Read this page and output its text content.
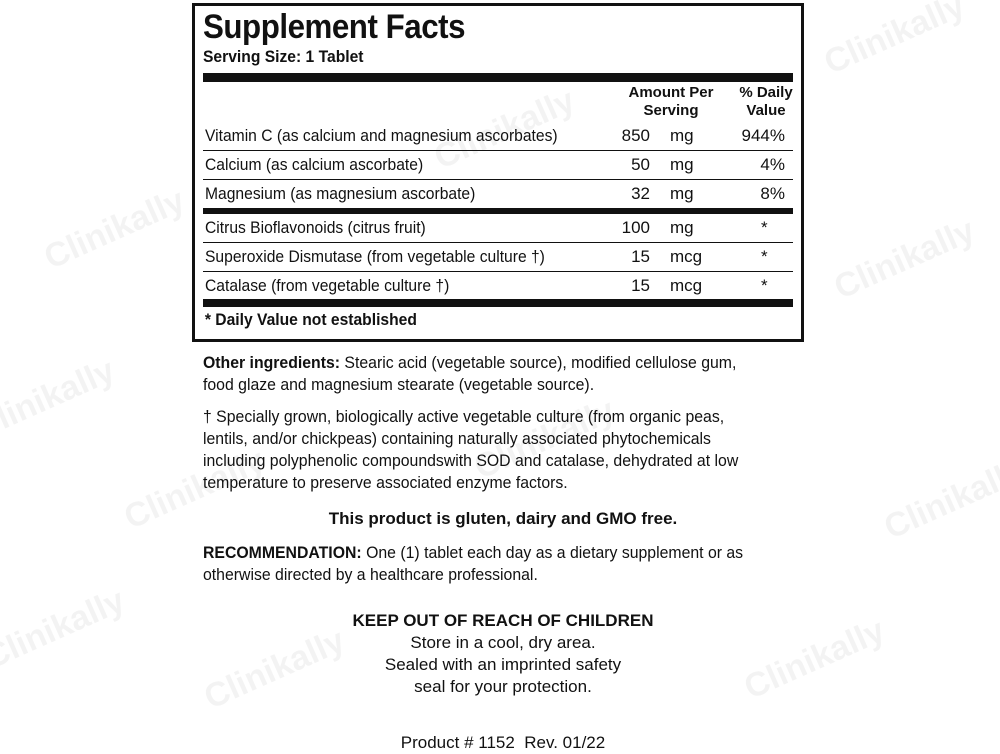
Supplement Facts
Serving Size: 1 Tablet
Amount Per Serving
% Daily Value
Vitamin C (as calcium and magnesium ascorbates)	850 mg	944%
Calcium (as calcium ascorbate)	50 mg	4%
Magnesium (as magnesium ascorbate)	32 mg	8%
Citrus Bioflavonoids (citrus fruit)	100 mg	*
Superoxide Dismutase (from vegetable culture †)	15 mcg	*
Catalase (from vegetable culture †)	15 mcg	*
* Daily Value not established

Other ingredients: Stearic acid (vegetable source), modified cellulose gum, food glaze and magnesium stearate (vegetable source).

† Specially grown, biologically active vegetable culture (from organic peas, lentils, and/or chickpeas) containing naturally associated phytochemicals including polyphenolic compoundswith SOD and catalase, dehydrated at low temperature to preserve associated enzyme factors.

This product is gluten, dairy and GMO free.

RECOMMENDATION: One (1) tablet each day as a dietary supplement or as otherwise directed by a healthcare professional.

KEEP OUT OF REACH OF CHILDREN
Store in a cool, dry area.
Sealed with an imprinted safety
seal for your protection.
Product # 1152  Rev. 01/22
